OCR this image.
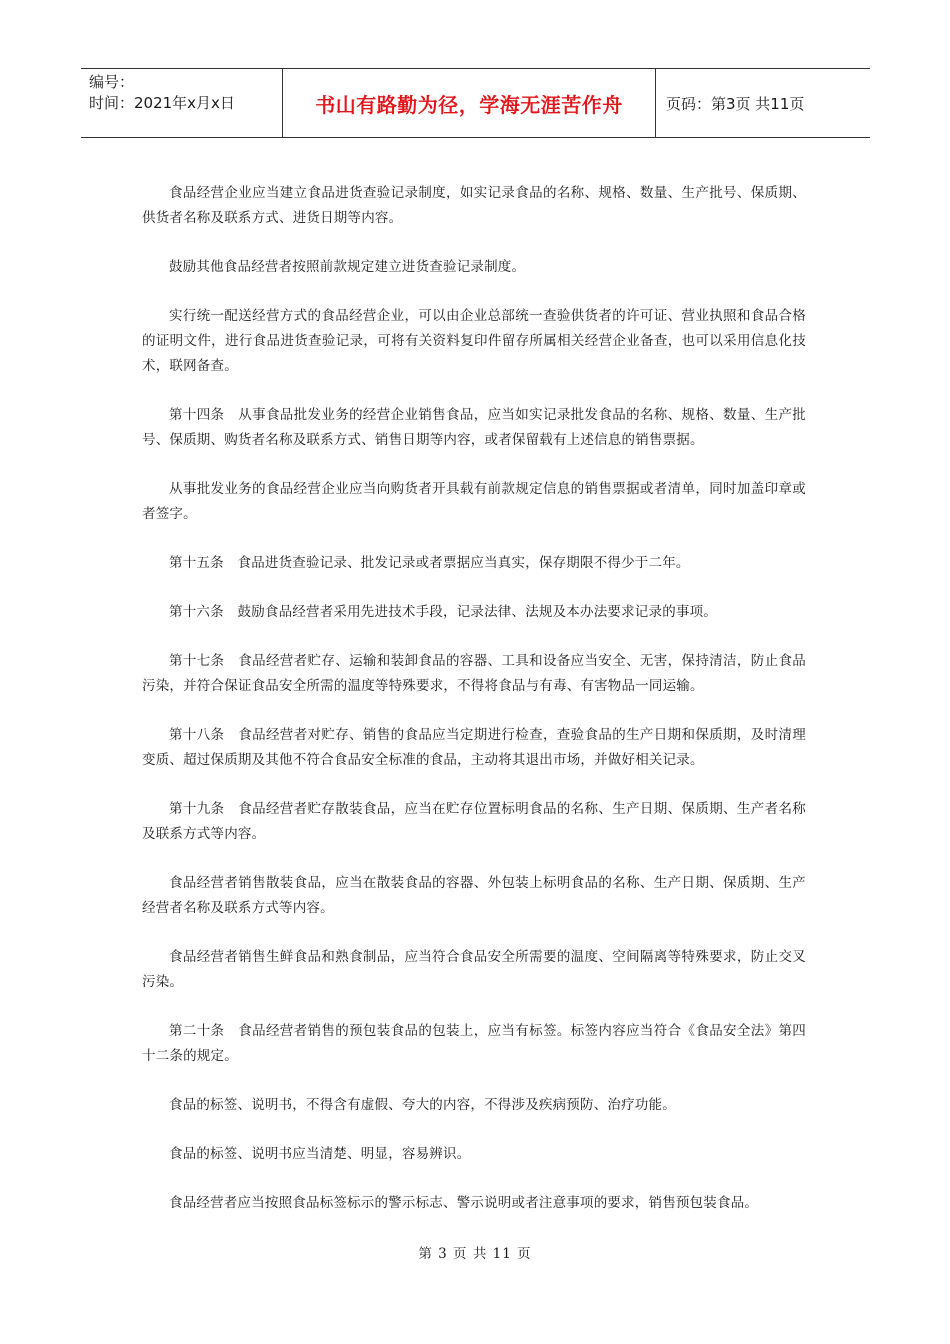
编号：
时间：2021年x月x日	书山有路勤为径，学海无涯苦作舟	页码：第3页 共11页

食品经营企业应当建立食品进货查验记录制度，如实记录食品的名称、规格、数量、生产批号、保质期、供货者名称及联系方式、进货日期等内容。

鼓励其他食品经营者按照前款规定建立进货查验记录制度。

实行统一配送经营方式的食品经营企业，可以由企业总部统一查验供货者的许可证、营业执照和食品合格的证明文件，进行食品进货查验记录，可将有关资料复印件留存所属相关经营企业备查，也可以采用信息化技术，联网备查。

第十四条　从事食品批发业务的经营企业销售食品，应当如实记录批发食品的名称、规格、数量、生产批号、保质期、购货者名称及联系方式、销售日期等内容，或者保留载有上述信息的销售票据。

从事批发业务的食品经营企业应当向购货者开具载有前款规定信息的销售票据或者清单，同时加盖印章或者签字。

第十五条　食品进货查验记录、批发记录或者票据应当真实，保存期限不得少于二年。

第十六条　鼓励食品经营者采用先进技术手段，记录法律、法规及本办法要求记录的事项。

第十七条　食品经营者贮存、运输和装卸食品的容器、工具和设备应当安全、无害，保持清洁，防止食品污染，并符合保证食品安全所需的温度等特殊要求，不得将食品与有毒、有害物品一同运输。

第十八条　食品经营者对贮存、销售的食品应当定期进行检查，查验食品的生产日期和保质期，及时清理变质、超过保质期及其他不符合食品安全标准的食品，主动将其退出市场，并做好相关记录。

第十九条　食品经营者贮存散装食品，应当在贮存位置标明食品的名称、生产日期、保质期、生产者名称及联系方式等内容。

食品经营者销售散装食品，应当在散装食品的容器、外包装上标明食品的名称、生产日期、保质期、生产经营者名称及联系方式等内容。

食品经营者销售生鲜食品和熟食制品，应当符合食品安全所需要的温度、空间隔离等特殊要求，防止交叉污染。

第二十条　食品经营者销售的预包装食品的包装上，应当有标签。标签内容应当符合《食品安全法》第四十二条的规定。

食品的标签、说明书，不得含有虚假、夸大的内容，不得涉及疾病预防、治疗功能。

食品的标签、说明书应当清楚、明显，容易辨识。

食品经营者应当按照食品标签标示的警示标志、警示说明或者注意事项的要求，销售预包装食品。

第 3 页 共 11 页
